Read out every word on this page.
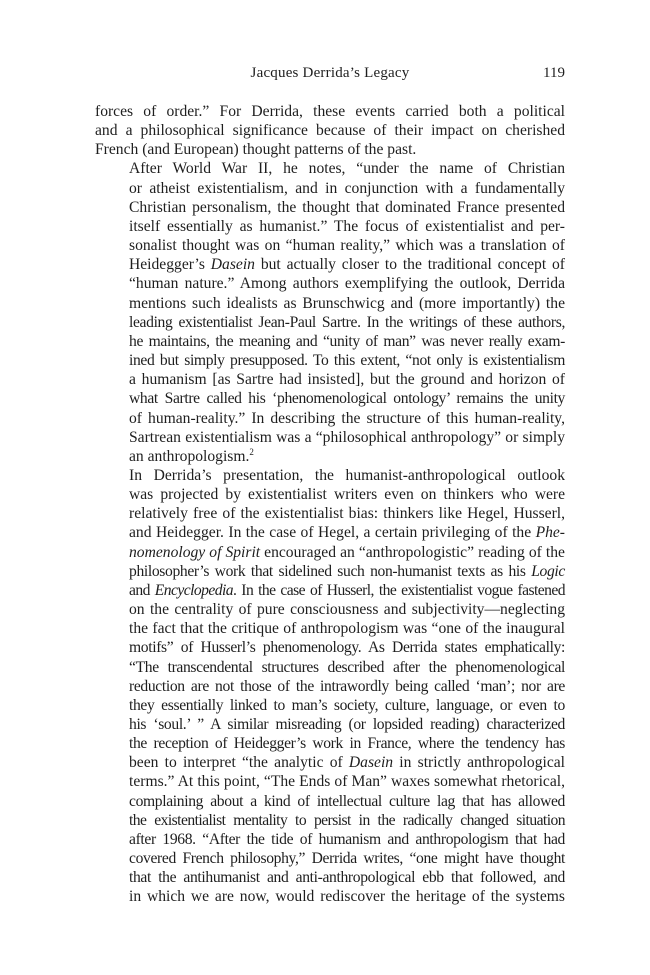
Jacques Derrida’s Legacy	119

forces of order.” For Derrida, these events carried both a political
and a philosophical significance because of their impact on cherished
French (and European) thought patterns of the past.

After World War II, he notes, “under the name of Christian
or atheist existentialism, and in conjunction with a fundamentally
Christian personalism, the thought that dominated France presented
itself essentially as humanist.” The focus of existentialist and per-
sonalist thought was on “human reality,” which was a translation of
Heidegger’s Dasein but actually closer to the traditional concept of
“human nature.” Among authors exemplifying the outlook, Derrida
mentions such idealists as Brunschwicg and (more importantly) the
leading existentialist Jean-Paul Sartre. In the writings of these authors,
he maintains, the meaning and “unity of man” was never really exam-
ined but simply presupposed. To this extent, “not only is existentialism
a humanism [as Sartre had insisted], but the ground and horizon of
what Sartre called his ‘phenomenological ontology’ remains the unity
of human-reality.” In describing the structure of this human-reality,
Sartrean existentialism was a “philosophical anthropology” or simply
an anthropologism.$^2$

In Derrida’s presentation, the humanist-anthropological outlook
was projected by existentialist writers even on thinkers who were
relatively free of the existentialist bias: thinkers like Hegel, Husserl,
and Heidegger. In the case of Hegel, a certain privileging of the Phe-
nomenology of Spirit encouraged an “anthropologistic” reading of the
philosopher’s work that sidelined such non-humanist texts as his Logic
and Encyclopedia. In the case of Husserl, the existentialist vogue fastened
on the centrality of pure consciousness and subjectivity—neglecting
the fact that the critique of anthropologism was “one of the inaugural
motifs” of Husserl’s phenomenology. As Derrida states emphatically:
“The transcendental structures described after the phenomenological
reduction are not those of the intrawordly being called ‘man’; nor are
they essentially linked to man’s society, culture, language, or even to
his ‘soul.’ ” A similar misreading (or lopsided reading) characterized
the reception of Heidegger’s work in France, where the tendency has
been to interpret “the analytic of Dasein in strictly anthropological
terms.” At this point, “The Ends of Man” waxes somewhat rhetorical,
complaining about a kind of intellectual culture lag that has allowed
the existentialist mentality to persist in the radically changed situation
after 1968. “After the tide of humanism and anthropologism that had
covered French philosophy,” Derrida writes, “one might have thought
that the antihumanist and anti-anthropological ebb that followed, and
in which we are now, would rediscover the heritage of the systems
